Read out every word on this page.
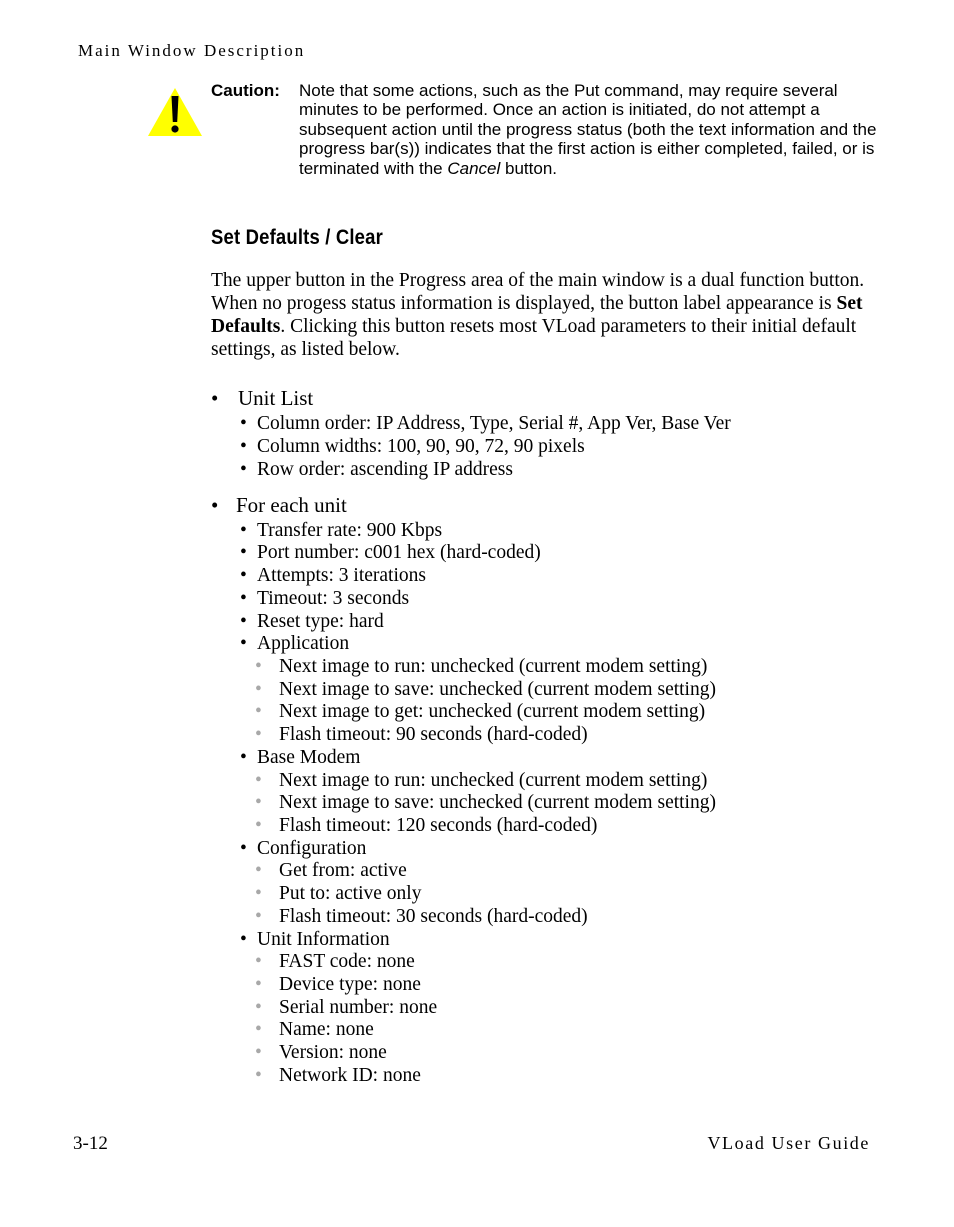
Main Window Description
Caution: Note that some actions, such as the Put command, may require several minutes to be performed. Once an action is initiated, do not attempt a subsequent action until the progress status (both the text information and the progress bar(s)) indicates that the first action is either completed, failed, or is terminated with the Cancel button.
Set Defaults / Clear
The upper button in the Progress area of the main window is a dual function button. When no progess status information is displayed, the button label appearance is Set Defaults. Clicking this button resets most VLoad parameters to their initial default settings, as listed below.
• Unit List
• Column order: IP Address, Type, Serial #, App Ver, Base Ver
• Column widths: 100, 90, 90, 72, 90 pixels
• Row order: ascending IP address
• For each unit
• Transfer rate: 900 Kbps
• Port number: c001 hex (hard-coded)
• Attempts: 3 iterations
• Timeout: 3 seconds
• Reset type: hard
• Application
• Next image to run: unchecked (current modem setting)
• Next image to save: unchecked (current modem setting)
• Next image to get: unchecked (current modem setting)
• Flash timeout: 90 seconds (hard-coded)
• Base Modem
• Next image to run: unchecked (current modem setting)
• Next image to save: unchecked (current modem setting)
• Flash timeout: 120 seconds (hard-coded)
• Configuration
• Get from: active
• Put to: active only
• Flash timeout: 30 seconds (hard-coded)
• Unit Information
• FAST code: none
• Device type: none
• Serial number: none
• Name: none
• Version: none
• Network ID: none
3-12	VLoad User Guide
